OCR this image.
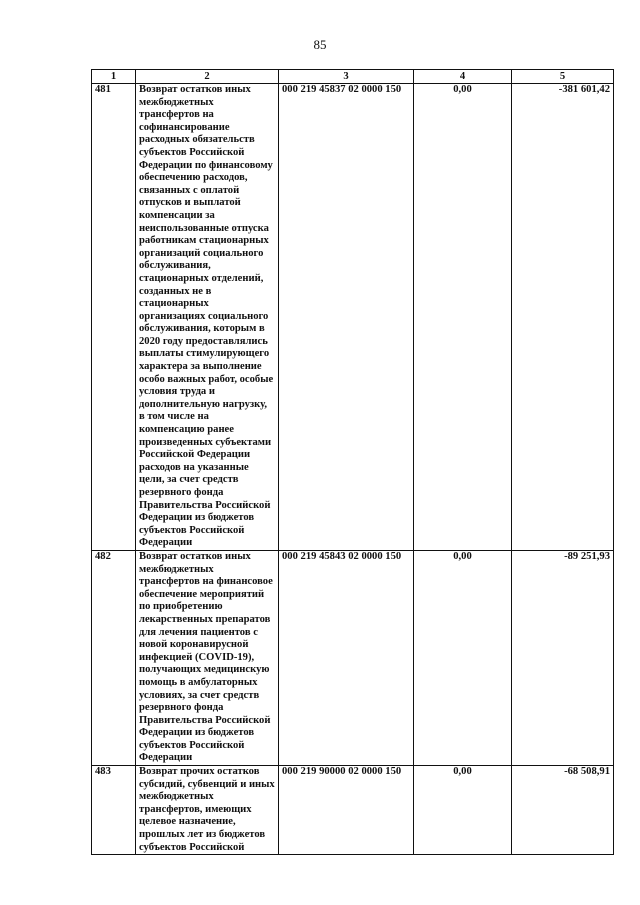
85
1	2	3	4	5
481	Возврат остатков иных межбюджетных трансфертов на софинансирование расходных обязательств субъектов Российской Федерации по финансовому обеспечению расходов, связанных с оплатой отпусков и выплатой компенсации за неиспользованные отпуска работникам стационарных организаций социального обслуживания, стационарных отделений, созданных не в стационарных организациях социального обслуживания, которым в 2020 году предоставлялись выплаты стимулирующего характера за выполнение особо важных работ, особые условия труда и дополнительную нагрузку, в том числе на компенсацию ранее произведенных субъектами Российской Федерации расходов на указанные цели, за счет средств резервного фонда Правительства Российской Федерации из бюджетов субъектов Российской Федерации	000 219 45837 02 0000 150	0,00	-381 601,42
482	Возврат остатков иных межбюджетных трансфертов на финансовое обеспечение мероприятий по приобретению лекарственных препаратов для лечения пациентов с новой коронавирусной инфекцией (COVID-19), получающих медицинскую помощь в амбулаторных условиях, за счет средств резервного фонда Правительства Российской Федерации из бюджетов субъектов Российской Федерации	000 219 45843 02 0000 150	0,00	-89 251,93
483	Возврат прочих остатков субсидий, субвенций и иных межбюджетных трансфертов, имеющих целевое назначение, прошлых лет из бюджетов субъектов Российской	000 219 90000 02 0000 150	0,00	-68 508,91
